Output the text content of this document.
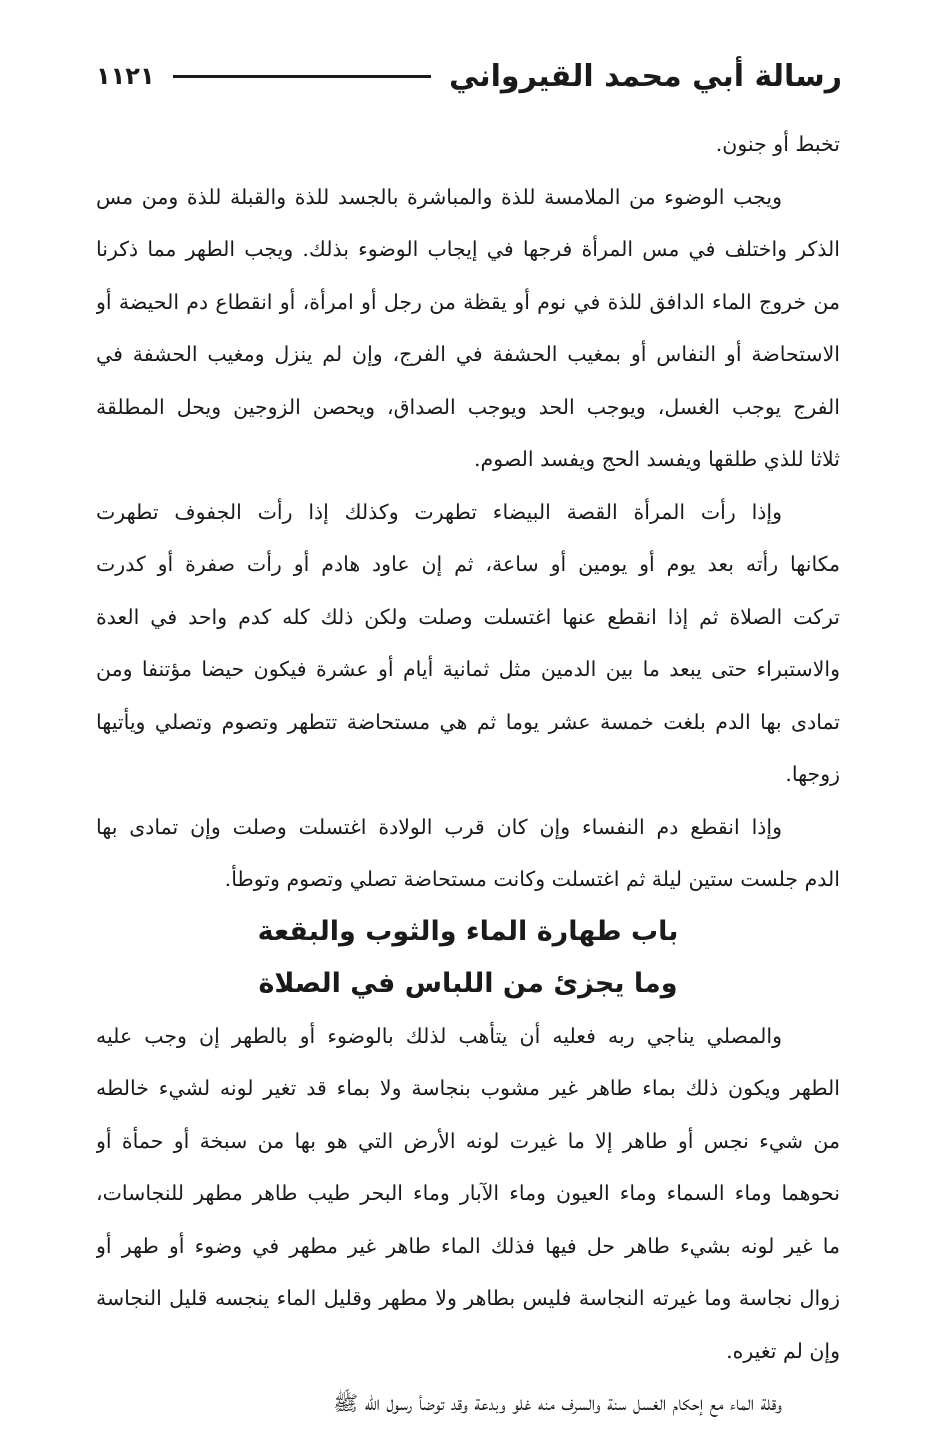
رسالة أبي محمد القيرواني
١١٢١
تخبط أو جنون.
ويجب الوضوء من الملامسة للذة والمباشرة بالجسد للذة والقبلة للذة ومن مس
الذكر واختلف في مس المرأة فرجها في إيجاب الوضوء بذلك. ويجب الطهر مما ذكرنا
من خروج الماء الدافق للذة في نوم أو يقظة من رجل أو امرأة، أو انقطاع دم الحيضة أو
الاستحاضة أو النفاس أو بمغيب الحشفة في الفرج، وإن لم ينزل ومغيب الحشفة في
الفرج يوجب الغسل، ويوجب الحد ويوجب الصداق، ويحصن الزوجين ويحل المطلقة
ثلاثا للذي طلقها ويفسد الحج ويفسد الصوم.
وإذا رأت المرأة القصة البيضاء تطهرت وكذلك إذا رأت الجفوف تطهرت
مكانها رأته بعد يوم أو يومين أو ساعة، ثم إن عاود هادم أو رأت صفرة أو كدرت
تركت الصلاة ثم إذا انقطع عنها اغتسلت وصلت ولكن ذلك كله كدم واحد في العدة
والاستبراء حتى يبعد ما بين الدمين مثل ثمانية أيام أو عشرة فيكون حيضا مؤتنفا ومن
تمادى بها الدم بلغت خمسة عشر يوما ثم هي مستحاضة تتطهر وتصوم وتصلي ويأتيها
زوجها.
وإذا انقطع دم النفساء وإن كان قرب الولادة اغتسلت وصلت وإن تمادى بها
الدم جلست ستين ليلة ثم اغتسلت وكانت مستحاضة تصلي وتصوم وتوطأ.
باب طهارة الماء والثوب والبقعة
وما يجزئ من اللباس في الصلاة
والمصلي يناجي ربه فعليه أن يتأهب لذلك بالوضوء أو بالطهر إن وجب عليه
الطهر ويكون ذلك بماء طاهر غير مشوب بنجاسة ولا بماء قد تغير لونه لشيء خالطه
من شيء نجس أو طاهر إلا ما غيرت لونه الأرض التي هو بها من سبخة أو حمأة أو
نحوهما وماء السماء وماء العيون وماء الآبار وماء البحر طيب طاهر مطهر للنجاسات،
ما غير لونه بشيء طاهر حل فيها فذلك الماء طاهر غير مطهر في وضوء أو طهر أو
زوال نجاسة وما غيرته النجاسة فليس بطاهر ولا مطهر وقليل الماء ينجسه قليل النجاسة
وإن لم تغيره.
وقلة الماء مع إحكام الغسل سنة والسرف منه غلو وبدعة وقد توضأ رسول الله ﷺ
